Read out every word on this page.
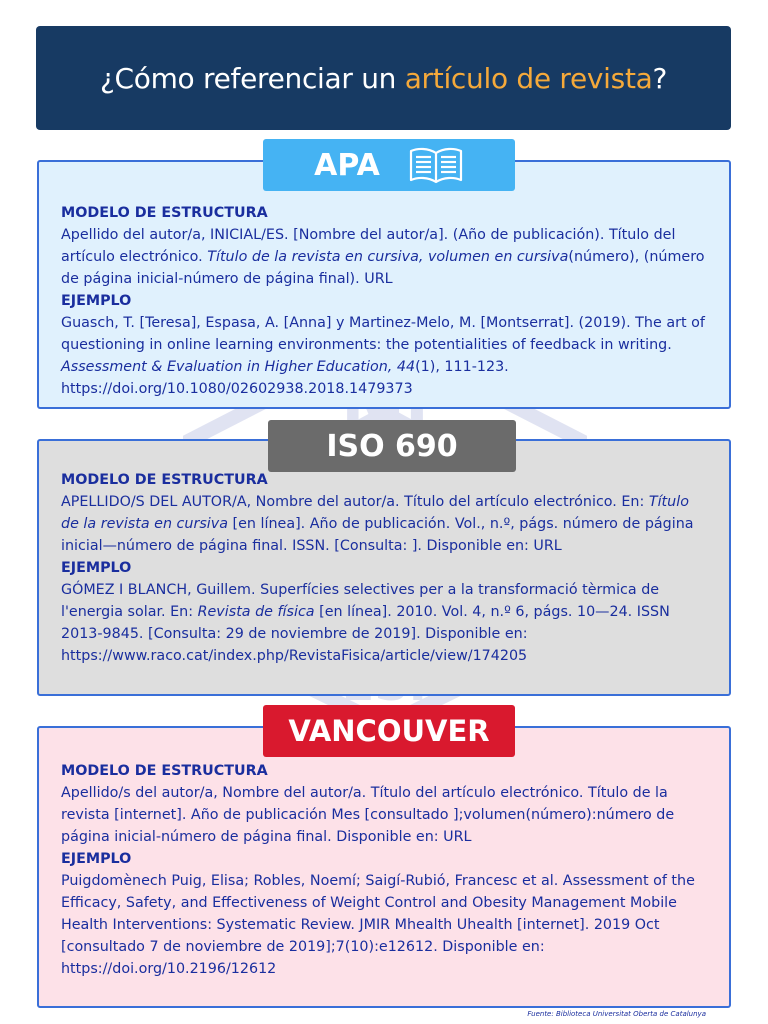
¿Cómo referenciar un artículo de revista ?
APA

MODELO DE ESTRUCTURA

Apellido del autor/a, INICIAL/ES. [Nombre del autor/a]. (Año de publicación). Título del artículo electrónico. Título de la revista en cursiva, volumen en cursiva(número), (número de página inicial-número de página final). URL

EJEMPLO

Guasch, T. [Teresa], Espasa, A. [Anna] y Martinez-Melo, M. [Montserrat]. (2019). The art of questioning in online learning environments: the potentialities of feedback in writing. Assessment & Evaluation in Higher Education, 44(1), 111-123. https://doi.org/10.1080/02602938.2018.1479373

ISO 690

MODELO DE ESTRUCTURA

APELLIDO/S DEL AUTOR/A, Nombre del autor/a. Título del artículo electrónico. En: Título de la revista en cursiva [en línea]. Año de publicación. Vol., n.º, págs. número de página inicial—número de página final. ISSN. [Consulta: ]. Disponible en: URL

EJEMPLO

GÓMEZ I BLANCH, Guillem. Superfícies selectives per a la transformació tèrmica de l'energia solar. En: Revista de física [en línea]. 2010. Vol. 4, n.º 6, págs. 10—24. ISSN 2013-9845. [Consulta: 29 de noviembre de 2019]. Disponible en: https://www.raco.cat/index.php/RevistaFisica/article/view/174205

VANCOUVER

MODELO DE ESTRUCTURA

Apellido/s del autor/a, Nombre del autor/a. Título del artículo electrónico. Título de la revista [internet]. Año de publicación Mes [consultado ];volumen(número):número de página inicial-número de página final. Disponible en: URL

EJEMPLO

Puigdomènech Puig, Elisa; Robles, Noemí; Saigí-Rubió, Francesc et al. Assessment of the Efficacy, Safety, and Effectiveness of Weight Control and Obesity Management Mobile Health Interventions: Systematic Review. JMIR Mhealth Uhealth [internet]. 2019 Oct [consultado 7 de noviembre de 2019];7(10):e12612. Disponible en: https://doi.org/10.2196/12612

Fuente: Biblioteca Universitat Oberta de Catalunya
